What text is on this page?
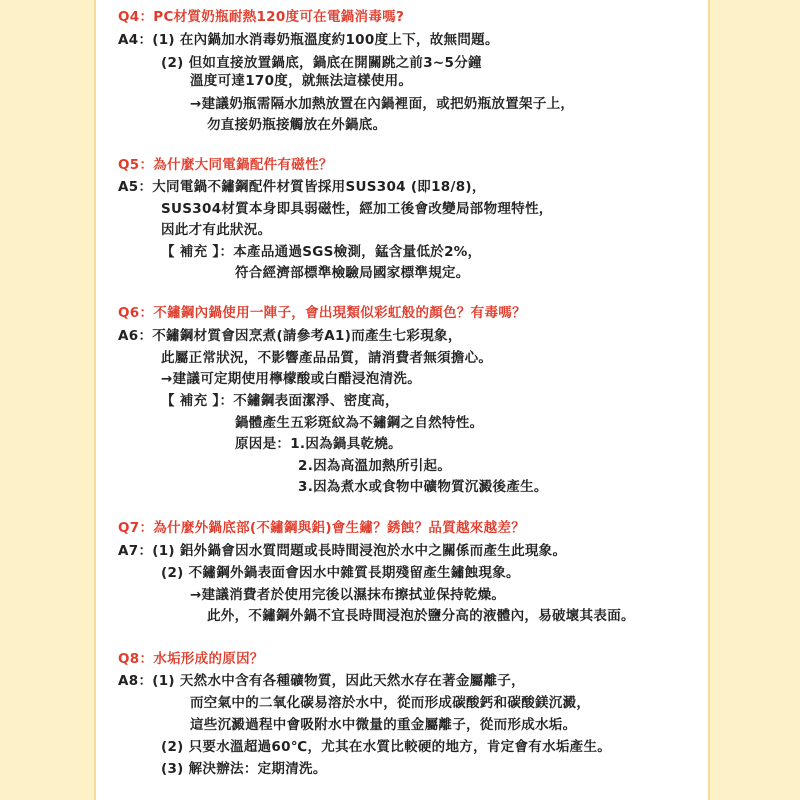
Q4：PC材質奶瓶耐熱120度可在電鍋消毒嗎?
A4：(1) 在內鍋加水消毒奶瓶溫度約100度上下，故無問題。
(2) 但如直接放置鍋底，鍋底在開關跳之前3~5分鐘
溫度可達170度，就無法這樣使用。
→建議奶瓶需隔水加熱放置在內鍋裡面，或把奶瓶放置架子上，
勿直接奶瓶接觸放在外鍋底。
Q5：為什麼大同電鍋配件有磁性？
A5：大同電鍋不鏽鋼配件材質皆採用SUS304 (即18/8)，
SUS304材質本身即具弱磁性，經加工後會改變局部物理特性，
因此才有此狀況。
【 補充 】：本產品通過SGS檢測，錳含量低於2%，
符合經濟部標準檢驗局國家標準規定。
Q6：不鏽鋼內鍋使用一陣子，會出現類似彩虹般的顏色？有毒嗎？
A6：不鏽鋼材質會因烹煮(請參考A1)而產生七彩現象，
此屬正常狀況，不影響產品品質，請消費者無須擔心。
→建議可定期使用檸檬酸或白醋浸泡清洗。
【 補充 】：不鏽鋼表面潔淨、密度高，
鍋體產生五彩斑紋為不鏽鋼之自然特性。
原因是：1.因為鍋具乾燒。
2.因為高溫加熱所引起。
3.因為煮水或食物中礦物質沉澱後產生。
Q7：為什麼外鍋底部(不鏽鋼與鋁)會生鏽？銹蝕？品質越來越差？
A7：(1) 鋁外鍋會因水質問題或長時間浸泡於水中之關係而產生此現象。
(2) 不鏽鋼外鍋表面會因水中雜質長期殘留產生鏽蝕現象。
→建議消費者於使用完後以濕抹布擦拭並保持乾燥。
此外，不鏽鋼外鍋不宜長時間浸泡於鹽分高的液體內，易破壞其表面。
Q8：水垢形成的原因？
A8：(1) 天然水中含有各種礦物質，因此天然水存在著金屬離子，
而空氣中的二氧化碳易溶於水中，從而形成碳酸鈣和碳酸鎂沉澱，
這些沉澱過程中會吸附水中微量的重金屬離子，從而形成水垢。
(2) 只要水溫超過60℃，尤其在水質比較硬的地方，肯定會有水垢產生。
(3) 解決辦法：定期清洗。
